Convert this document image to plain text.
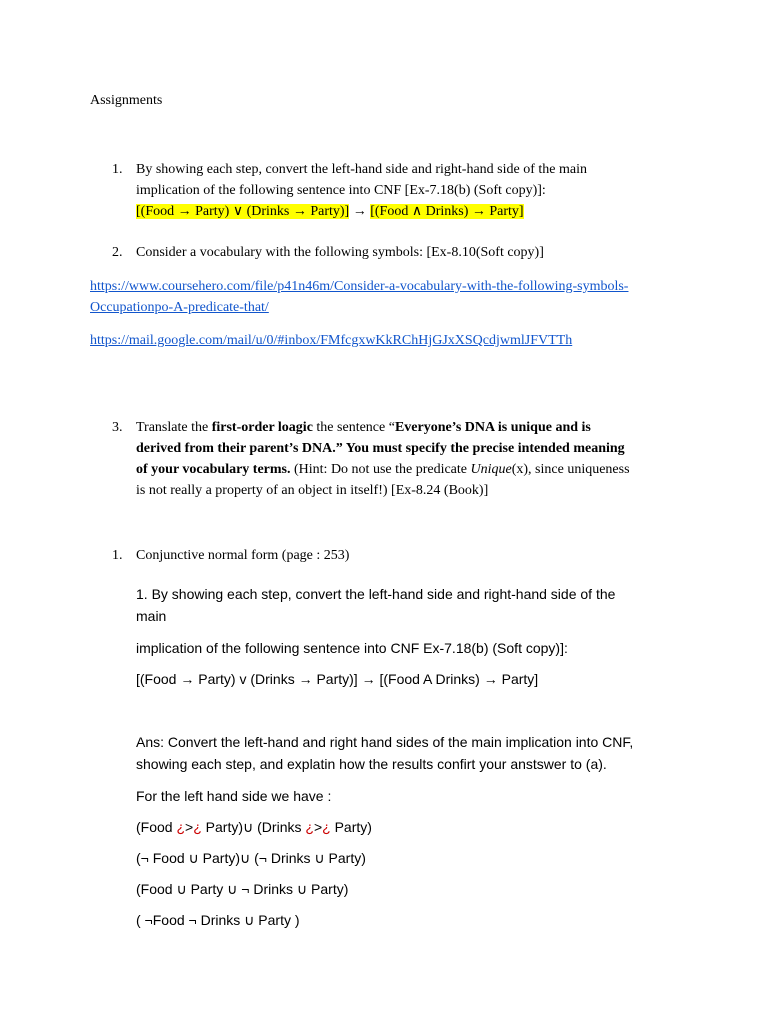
Assignments
1. By showing each step, convert the left-hand side and right-hand side of the main
implication of the following sentence into CNF [Ex-7.18(b) (Soft copy)]:
[(Food → Party) ∨ (Drinks → Party)] → [(Food ∧ Drinks) → Party]
2. Consider a vocabulary with the following symbols: [Ex-8.10(Soft copy)]
https://www.coursehero.com/file/p41n46m/Consider-a-vocabulary-with-the-following-symbols-
Occupationpo-A-predicate-that/
https://mail.google.com/mail/u/0/#inbox/FMfcgxwKkRChHjGJxXSQcdjwmlJFVTTh
3. Translate the first-order loagic the sentence “Everyone’s DNA is unique and is
derived from their parent’s DNA.” You must specify the precise intended meaning
of your vocabulary terms. (Hint: Do not use the predicate Unique(x), since uniqueness
is not really a property of an object in itself!) [Ex-8.24 (Book)]
1. Conjunctive normal form (page : 253)
1. By showing each step, convert the left-hand side and right-hand side of the
main
implication of the following sentence into CNF Ex-7.18(b) (Soft copy)]:
[(Food → Party) v (Drinks → Party)] → [(Food A Drinks) → Party]
Ans: Convert the left-hand and right hand sides of the main implication into CNF,
showing each step, and explatin how the results confirt your anstswer to (a).
For the left hand side we have :
(Food ¿>¿ Party)∪ (Drinks ¿>¿ Party)
(¬ Food ∪ Party)∪ (¬ Drinks ∪ Party)
(Food ∪ Party ∪ ¬ Drinks ∪ Party)
( ¬Food ¬ Drinks ∪ Party )
